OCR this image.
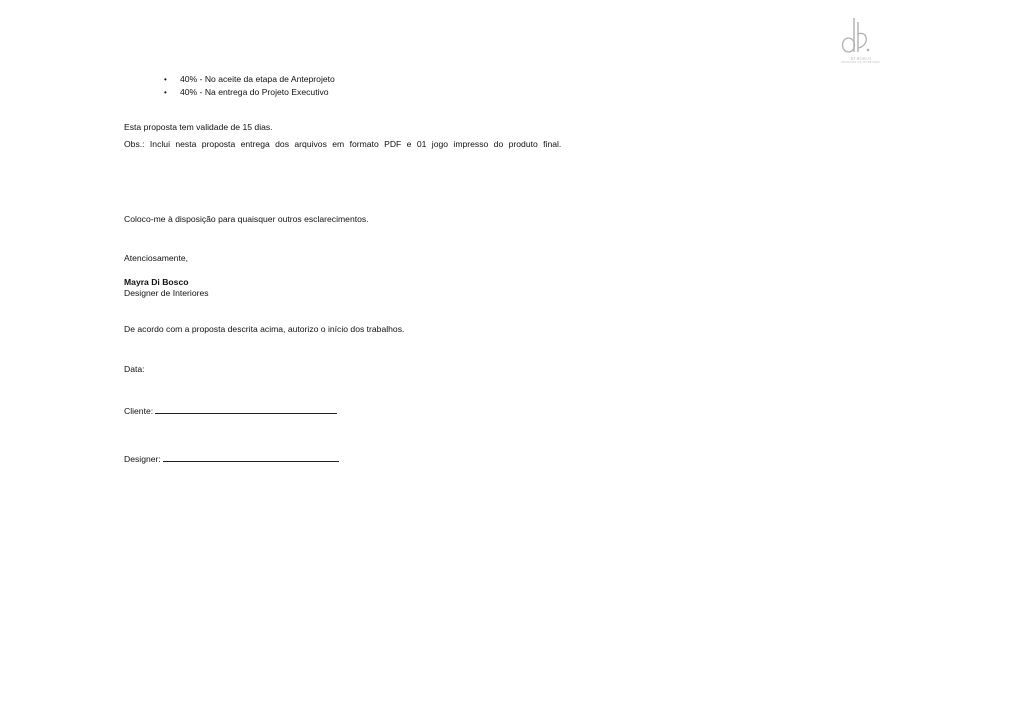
DI BOSCO
DESIGNER DE INTERIORES
• 40% - No aceite da etapa de Anteprojeto
• 40% - Na entrega do Projeto Executivo
Esta proposta tem validade de 15 dias.
Obs.: Inclui nesta proposta entrega dos arquivos em formato PDF e 01 jogo impresso do produto final.
Coloco-me à disposição para quaisquer outros esclarecimentos.
Atenciosamente,
Mayra Di Bosco
Designer de Interiores
De acordo com a proposta descrita acima, autorizo o início dos trabalhos.
Data:
Cliente:
Designer:
